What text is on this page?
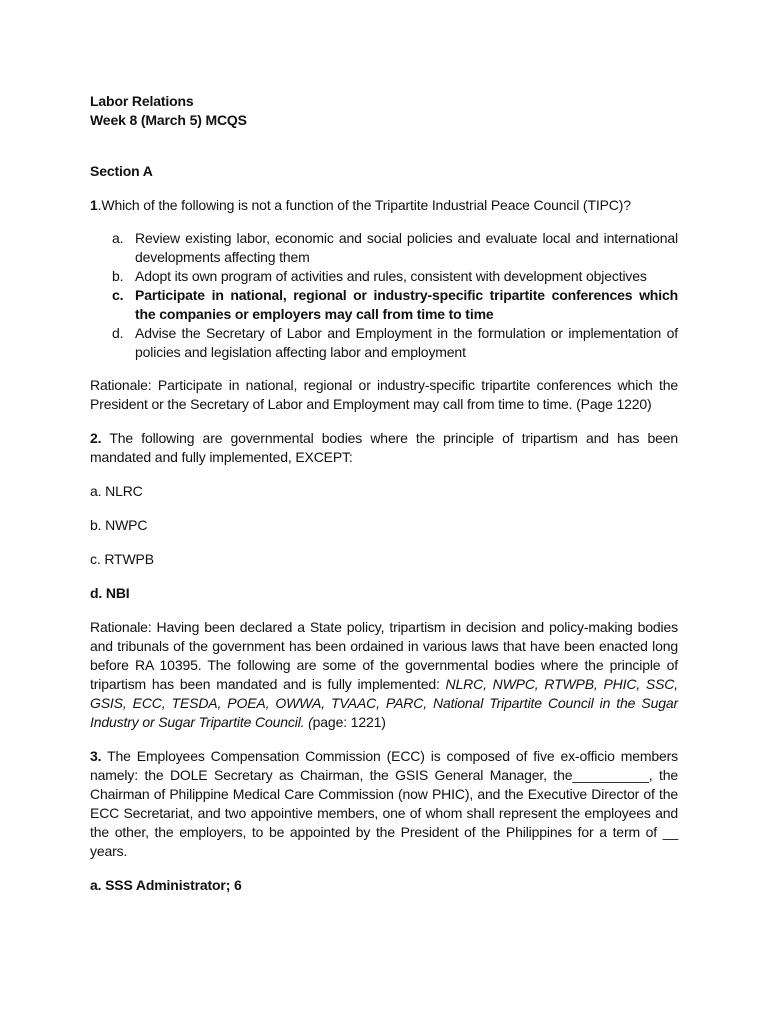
Labor Relations

Week 8 (March 5) MCQS

Section A

1.Which of the following is not a function of the Tripartite Industrial Peace Council (TIPC)?

a. Review existing labor, economic and social policies and evaluate local and international developments affecting them
b. Adopt its own program of activities and rules, consistent with development objectives
c. Participate in national, regional or industry-specific tripartite conferences which the companies or employers may call from time to time
d. Advise the Secretary of Labor and Employment in the formulation or implementation of policies and legislation affecting labor and employment

Rationale: Participate in national, regional or industry-specific tripartite conferences which the President or the Secretary of Labor and Employment may call from time to time. (Page 1220)

2. The following are governmental bodies where the principle of tripartism and has been mandated and fully implemented, EXCEPT:

a. NLRC

b. NWPC

c. RTWPB

d. NBI

Rationale: Having been declared a State policy, tripartism in decision and policy-making bodies and tribunals of the government has been ordained in various laws that have been enacted long before RA 10395. The following are some of the governmental bodies where the principle of tripartism has been mandated and is fully implemented: NLRC, NWPC, RTWPB, PHIC, SSC, GSIS, ECC, TESDA, POEA, OWWA, TVAAC, PARC, National Tripartite Council in the Sugar Industry or Sugar Tripartite Council. (page: 1221)

3. The Employees Compensation Commission (ECC) is composed of five ex-officio members namely: the DOLE Secretary as Chairman, the GSIS General Manager, the__________, the Chairman of Philippine Medical Care Commission (now PHIC), and the Executive Director of the ECC Secretariat, and two appointive members, one of whom shall represent the employees and the other, the employers, to be appointed by the President of the Philippines for a term of __ years.

a. SSS Administrator; 6
